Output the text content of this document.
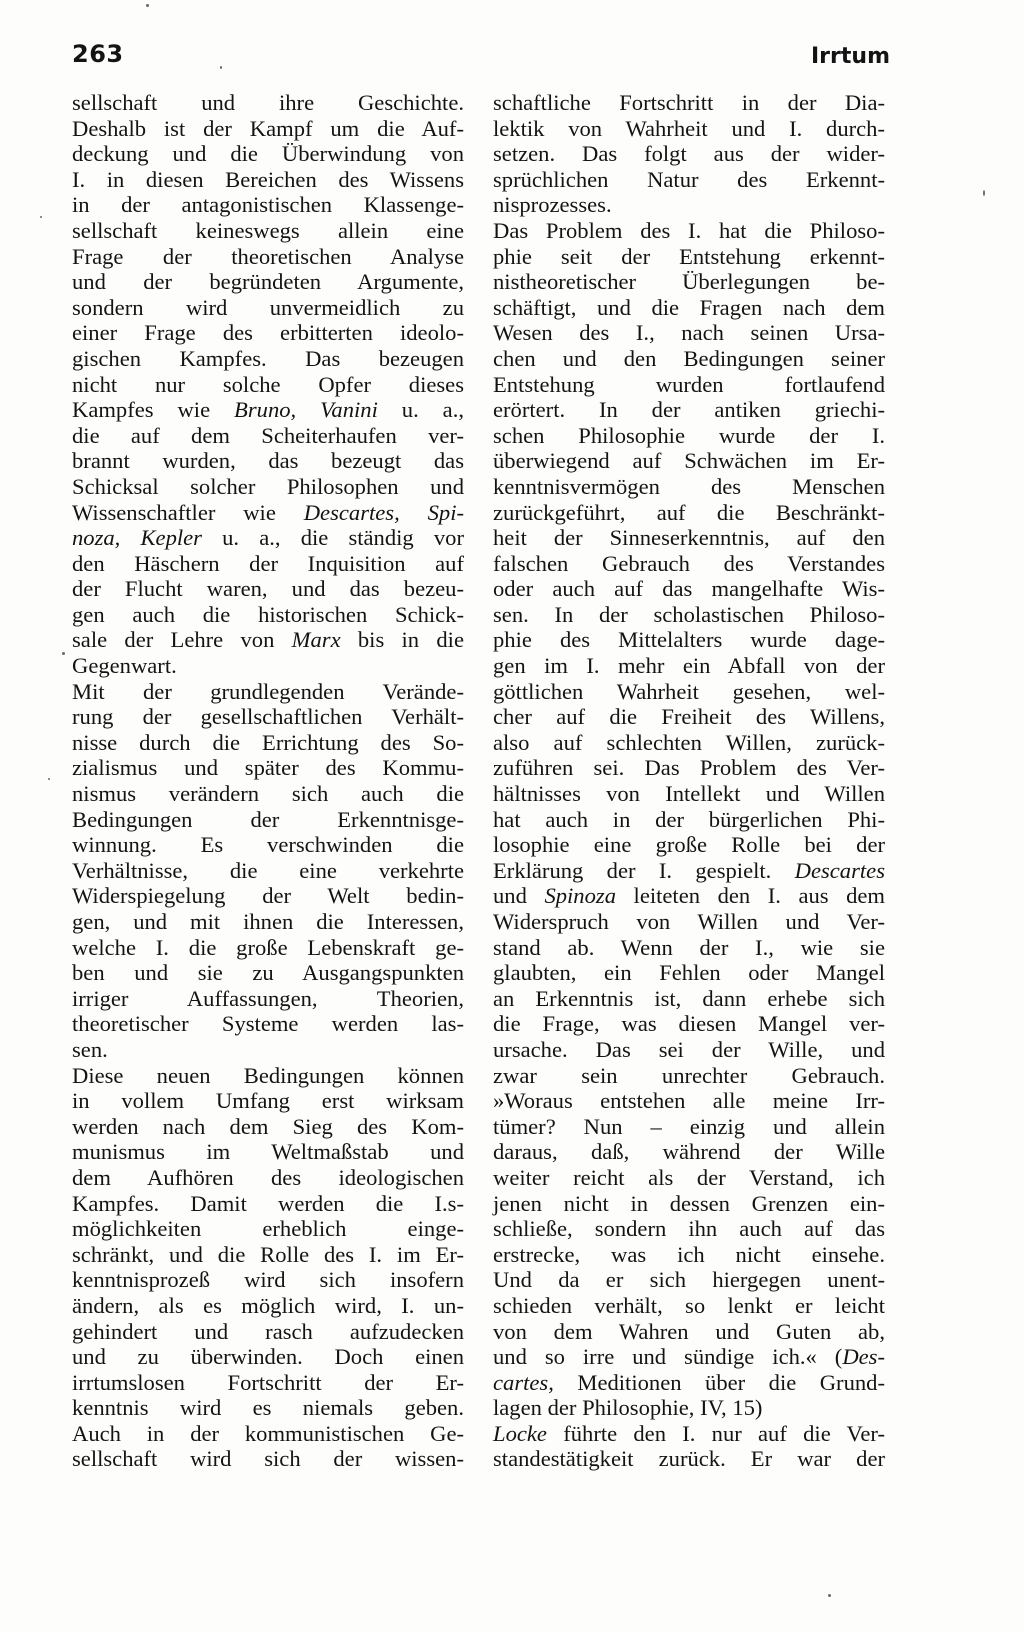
263	Irrtum
sellschaft und ihre Geschichte.
Deshalb ist der Kampf um die Auf-
deckung und die Überwindung von
I. in diesen Bereichen des Wissens
in der antagonistischen Klassenge-
sellschaft keineswegs allein eine
Frage der theoretischen Analyse
und der begründeten Argumente,
sondern wird unvermeidlich zu
einer Frage des erbitterten ideolo-
gischen Kampfes. Das bezeugen
nicht nur solche Opfer dieses
Kampfes wie Bruno, Vanini u. a.,
die auf dem Scheiterhaufen ver-
brannt wurden, das bezeugt das
Schicksal solcher Philosophen und
Wissenschaftler wie Descartes, Spi-
noza, Kepler u. a., die ständig vor
den Häschern der Inquisition auf
der Flucht waren, und das bezeu-
gen auch die historischen Schick-
sale der Lehre von Marx bis in die
Gegenwart.
Mit der grundlegenden Verände-
rung der gesellschaftlichen Verhält-
nisse durch die Errichtung des So-
zialismus und später des Kommu-
nismus verändern sich auch die
Bedingungen der Erkenntnisge-
winnung. Es verschwinden die
Verhältnisse, die eine verkehrte
Widerspiegelung der Welt bedin-
gen, und mit ihnen die Interessen,
welche I. die große Lebenskraft ge-
ben und sie zu Ausgangspunkten
irriger Auffassungen, Theorien,
theoretischer Systeme werden las-
sen.
Diese neuen Bedingungen können
in vollem Umfang erst wirksam
werden nach dem Sieg des Kom-
munismus im Weltmaßstab und
dem Aufhören des ideologischen
Kampfes. Damit werden die I.s-
möglichkeiten erheblich einge-
schränkt, und die Rolle des I. im Er-
kenntnisprozeß wird sich insofern
ändern, als es möglich wird, I. un-
gehindert und rasch aufzudecken
und zu überwinden. Doch einen
irrtumslosen Fortschritt der Er-
kenntnis wird es niemals geben.
Auch in der kommunistischen Ge-
sellschaft wird sich der wissen-
schaftliche Fortschritt in der Dia-
lektik von Wahrheit und I. durch-
setzen. Das folgt aus der wider-
sprüchlichen Natur des Erkennt-
nisprozesses.
Das Problem des I. hat die Philoso-
phie seit der Entstehung erkennt-
nistheoretischer Überlegungen be-
schäftigt, und die Fragen nach dem
Wesen des I., nach seinen Ursa-
chen und den Bedingungen seiner
Entstehung wurden fortlaufend
erörtert. In der antiken griechi-
schen Philosophie wurde der I.
überwiegend auf Schwächen im Er-
kenntnisvermögen des Menschen
zurückgeführt, auf die Beschränkt-
heit der Sinneserkenntnis, auf den
falschen Gebrauch des Verstandes
oder auch auf das mangelhafte Wis-
sen. In der scholastischen Philoso-
phie des Mittelalters wurde dage-
gen im I. mehr ein Abfall von der
göttlichen Wahrheit gesehen, wel-
cher auf die Freiheit des Willens,
also auf schlechten Willen, zurück-
zuführen sei. Das Problem des Ver-
hältnisses von Intellekt und Willen
hat auch in der bürgerlichen Phi-
losophie eine große Rolle bei der
Erklärung der I. gespielt. Descartes
und Spinoza leiteten den I. aus dem
Widerspruch von Willen und Ver-
stand ab. Wenn der I., wie sie
glaubten, ein Fehlen oder Mangel
an Erkenntnis ist, dann erhebe sich
die Frage, was diesen Mangel ver-
ursache. Das sei der Wille, und
zwar sein unrechter Gebrauch.
»Woraus entstehen alle meine Irr-
tümer? Nun – einzig und allein
daraus, daß, während der Wille
weiter reicht als der Verstand, ich
jenen nicht in dessen Grenzen ein-
schließe, sondern ihn auch auf das
erstrecke, was ich nicht einsehe.
Und da er sich hiergegen unent-
schieden verhält, so lenkt er leicht
von dem Wahren und Guten ab,
und so irre und sündige ich.« (Des-
cartes, Meditionen über die Grund-
lagen der Philosophie, IV, 15)
Locke führte den I. nur auf die Ver-
standestätigkeit zurück. Er war der
